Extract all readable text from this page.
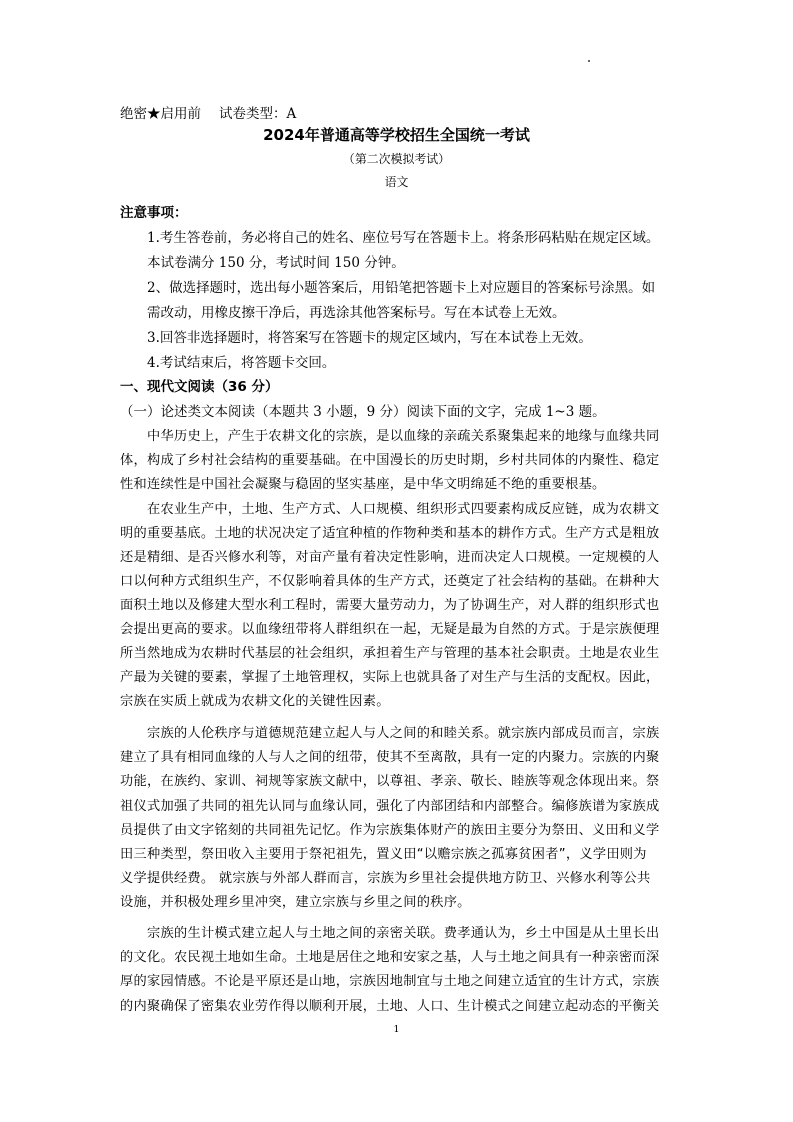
绝密★启用前 试卷类型：A
2024年普通高等学校招生全国统一考试
（第二次模拟考试）
语文
注意事项：
1.考生答卷前，务必将自己的姓名、座位号写在答题卡上。将条形码粘贴在规定区域。
本试卷满分 150 分，考试时间 150 分钟。
2、做选择题时，选出每小题答案后，用铅笔把答题卡上对应题目的答案标号涂黑。如
需改动，用橡皮擦干净后，再选涂其他答案标号。写在本试卷上无效。
3.回答非选择题时，将答案写在答题卡的规定区域内，写在本试卷上无效。
4.考试结束后，将答题卡交回。
一、现代文阅读（36 分）
（一）论述类文本阅读（本题共 3 小题，9 分）阅读下面的文字，完成 1~3 题。
中华历史上，产生于农耕文化的宗族，是以血缘的亲疏关系聚集起来的地缘与血缘共同
体，构成了乡村社会结构的重要基础。在中国漫长的历史时期，乡村共同体的内聚性、稳定
性和连续性是中国社会凝聚与稳固的坚实基座，是中华文明绵延不绝的重要根基。
在农业生产中，土地、生产方式、人口规模、组织形式四要素构成反应链，成为农耕文
明的重要基底。土地的状况决定了适宜种植的作物种类和基本的耕作方式。生产方式是粗放
还是精细、是否兴修水利等，对亩产量有着决定性影响，进而决定人口规模。一定规模的人
口以何种方式组织生产，不仅影响着具体的生产方式，还奠定了社会结构的基础。在耕种大
面积土地以及修建大型水利工程时，需要大量劳动力，为了协调生产，对人群的组织形式也
会提出更高的要求。以血缘纽带将人群组织在一起，无疑是最为自然的方式。于是宗族便理
所当然地成为农耕时代基层的社会组织，承担着生产与管理的基本社会职责。土地是农业生
产最为关键的要素，掌握了土地管理权，实际上也就具备了对生产与生活的支配权。因此，
宗族在实质上就成为农耕文化的关键性因素。
宗族的人伦秩序与道德规范建立起人与人之间的和睦关系。就宗族内部成员而言，宗族
建立了具有相同血缘的人与人之间的纽带，使其不至离散，具有一定的内聚力。宗族的内聚
功能，在族约、家训、祠规等家族文献中，以尊祖、孝亲、敬长、睦族等观念体现出来。祭
祖仪式加强了共同的祖先认同与血缘认同，强化了内部团结和内部整合。编修族谱为家族成
员提供了由文字铭刻的共同祖先记忆。作为宗族集体财产的族田主要分为祭田、义田和义学
田三种类型，祭田收入主要用于祭祀祖先，置义田“以赡宗族之孤寡贫困者”，义学田则为
义学提供经费。 就宗族与外部人群而言，宗族为乡里社会提供地方防卫、兴修水利等公共
设施，并积极处理乡里冲突，建立宗族与乡里之间的秩序。
宗族的生计模式建立起人与土地之间的亲密关联。费孝通认为，乡土中国是从土里长出
的文化。农民视土地如生命。土地是居住之地和安家之基，人与土地之间具有一种亲密而深
厚的家园情感。不论是平原还是山地，宗族因地制宜与土地之间建立适宜的生计方式，宗族
的内聚确保了密集农业劳作得以顺利开展，土地、人口、生计模式之间建立起动态的平衡关
1
